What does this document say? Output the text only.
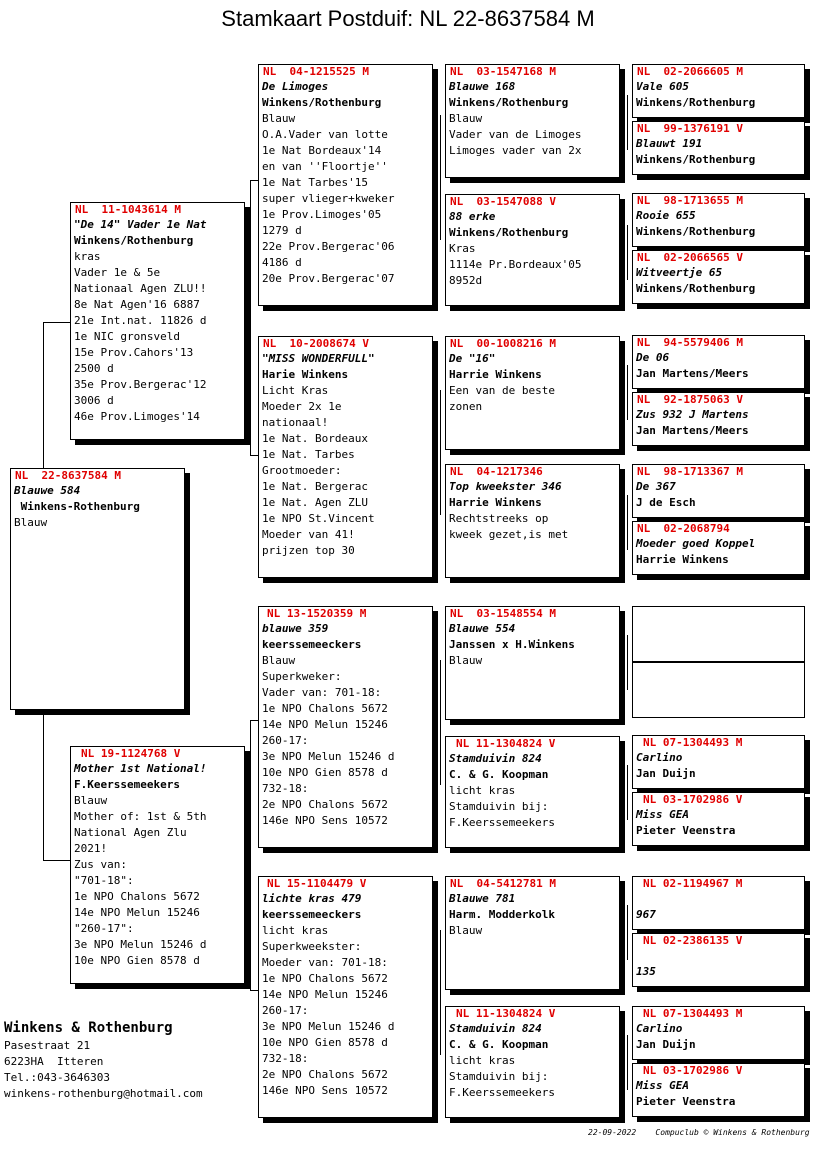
Stamkaart Postduif: NL 22-8637584 M
NL  22-8637584 M
Blauwe 584
Winkens-Rothenburg
Blauw
NL  11-1043614 M
"De 14" Vader 1e Nat
Winkens/Rothenburg
kras
Vader 1e & 5e
Nationaal Agen ZLU!!
8e Nat Agen'16 6887
21e Int.nat. 11826 d
1e NIC gronsveld
15e Prov.Cahors'13
2500 d
35e Prov.Bergerac'12
3006 d
46e Prov.Limoges'14
NL 19-1124768 V
Mother 1st National!
F.Keerssemeekers
Blauw
Mother of: 1st & 5th
National Agen Zlu
2021!
Zus van:
"701-18":
1e NPO Chalons 5672
14e NPO Melun 15246
"260-17":
3e NPO Melun 15246 d
10e NPO Gien 8578 d
NL  04-1215525 M
De Limoges
Winkens/Rothenburg
Blauw
O.A.Vader van lotte
1e Nat Bordeaux'14
en van ''Floortje''
1e Nat Tarbes'15
super vlieger+kweker
1e Prov.Limoges'05
1279 d
22e Prov.Bergerac'06
4186 d
20e Prov.Bergerac'07
NL  10-2008674 V
"MISS WONDERFULL"
Harie Winkens
Licht Kras
Moeder 2x 1e
nationaal!
1e Nat. Bordeaux
1e Nat. Tarbes
Grootmoeder:
1e Nat. Bergerac
1e Nat. Agen ZLU
1e NPO St.Vincent
Moeder van 41!
prijzen top 30
NL 13-1520359 M
blauwe 359
keerssemeeckers
Blauw
Superkweker:
Vader van: 701-18:
1e NPO Chalons 5672
14e NPO Melun 15246
260-17:
3e NPO Melun 15246 d
10e NPO Gien 8578 d
732-18:
2e NPO Chalons 5672
146e NPO Sens 10572
NL 15-1104479 V
lichte kras 479
keerssemeeckers
licht kras
Superkweekster:
Moeder van: 701-18:
1e NPO Chalons 5672
14e NPO Melun 15246
260-17:
3e NPO Melun 15246 d
10e NPO Gien 8578 d
732-18:
2e NPO Chalons 5672
146e NPO Sens 10572
NL  03-1547168 M
Blauwe 168
Winkens/Rothenburg
Blauw
Vader van de Limoges
Limoges vader van 2x
NL  03-1547088 V
88 erke
Winkens/Rothenburg
Kras
1114e Pr.Bordeaux'05
8952d
NL  00-1008216 M
De "16"
Harrie Winkens
Een van de beste
zonen
NL  04-1217346
Top kweekster 346
Harrie Winkens
Rechtstreeks op
kweek gezet,is met
NL  03-1548554 M
Blauwe 554
Janssen x H.Winkens
Blauw
NL 11-1304824 V
Stamduivin 824
C. & G. Koopman
licht kras
Stamduivin bij:
F.Keerssemeekers
NL  04-5412781 M
Blauwe 781
Harm. Modderkolk
Blauw
NL 11-1304824 V
Stamduivin 824
C. & G. Koopman
licht kras
Stamduivin bij:
F.Keerssemeekers
NL  02-2066605 M
Vale 605
Winkens/Rothenburg
NL  99-1376191 V
Blauwt 191
Winkens/Rothenburg
NL  98-1713655 M
Rooie 655
Winkens/Rothenburg
NL  02-2066565 V
Witveertje 65
Winkens/Rothenburg
NL  94-5579406 M
De 06
Jan Martens/Meers
NL  92-1875063 V
Zus 932 J Martens
Jan Martens/Meers
NL  98-1713367 M
De 367
J de Esch
NL  02-2068794
Moeder goed Koppel
Harrie Winkens
NL 07-1304493 M
Carlino
Jan Duijn
NL 03-1702986 V
Miss GEA
Pieter Veenstra
NL 02-1194967 M
967
NL 02-2386135 V
135
NL 07-1304493 M
Carlino
Jan Duijn
NL 03-1702986 V
Miss GEA
Pieter Veenstra
Winkens & Rothenburg
Pasestraat 21
6223HA  Itteren
Tel.:043-3646303
winkens-rothenburg@hotmail.com
22-09-2022    Compuclub © Winkens & Rothenburg
